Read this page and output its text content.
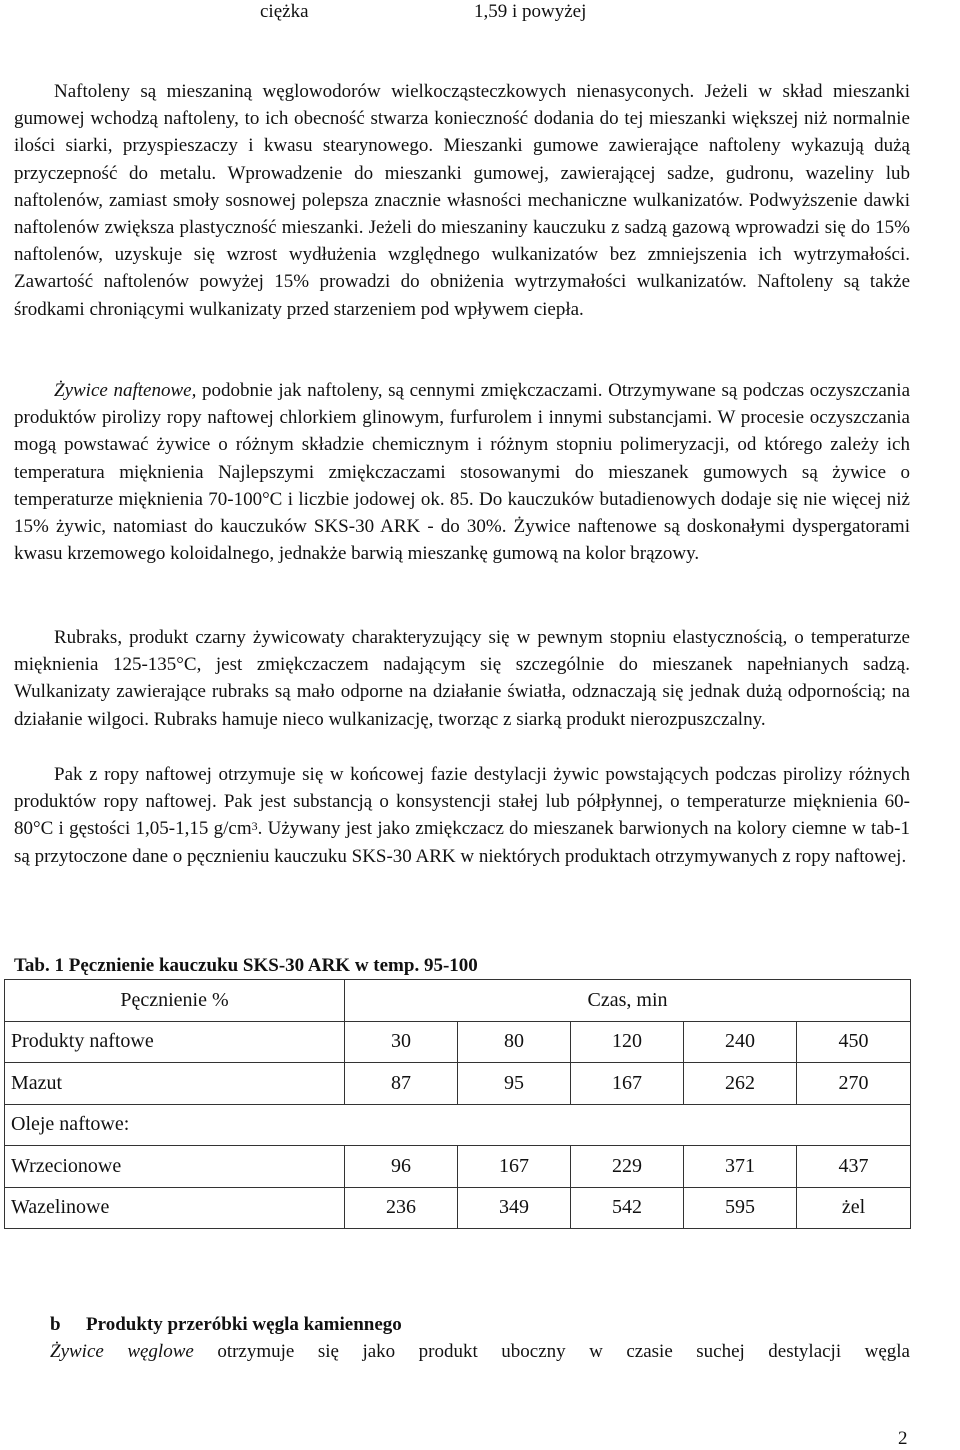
ciężka	1,59 i powyżej

Naftoleny są mieszaniną węglowodorów wielkocząsteczkowych nienasyconych. Jeżeli w skład mieszanki gumowej wchodzą naftoleny, to ich obecność stwarza konieczność dodania do tej mieszanki większej niż normalnie ilości siarki, przyspieszaczy i kwasu stearynowego. Mieszanki gumowe zawierające naftoleny wykazują dużą przyczepność do metalu. Wprowadzenie do mieszanki gumowej, zawierającej sadze, gudronu, wazeliny lub naftolenów, zamiast smoły sosnowej polepsza znacznie własności mechaniczne wulkanizatów. Podwyższenie dawki naftolenów zwiększa plastyczność mieszanki. Jeżeli do mieszaniny kauczuku z sadzą gazową wprowadzi się do 15% naftolenów, uzyskuje się wzrost wydłużenia względnego wulkanizatów bez zmniejszenia ich wytrzymałości. Zawartość naftolenów powyżej 15% prowadzi do obniżenia wytrzymałości wulkanizatów. Naftoleny są także środkami chroniącymi wulkanizaty przed starzeniem pod wpływem ciepła.

Żywice naftenowe, podobnie jak naftoleny, są cennymi zmiękczaczami. Otrzymywane są podczas oczyszczania produktów pirolizy ropy naftowej chlorkiem glinowym, furfurolem i innymi substancjami. W procesie oczyszczania mogą powstawać żywice o różnym składzie chemicznym i różnym stopniu polimeryzacji, od którego zależy ich temperatura mięknienia Najlepszymi zmiękczaczami stosowanymi do mieszanek gumowych są żywice o temperaturze mięknienia 70-100°C i liczbie jodowej ok. 85. Do kauczuków butadienowych dodaje się nie więcej niż 15% żywic, natomiast do kauczuków SKS-30 ARK - do 30%. Żywice naftenowe są doskonałymi dyspergatorami kwasu krzemowego koloidalnego, jednakże barwią mieszankę gumową na kolor brązowy.

Rubraks, produkt czarny żywicowaty charakteryzujący się w pewnym stopniu elastycznością, o temperaturze mięknienia 125-135°C, jest zmiękczaczem nadającym się szczególnie do mieszanek napełnianych sadzą. Wulkanizaty zawierające rubraks są mało odporne na działanie światła, odznaczają się jednak dużą odpornością; na działanie wilgoci. Rubraks hamuje nieco wulkanizację, tworząc z siarką produkt nierozpuszczalny.

Pak z ropy naftowej otrzymuje się w końcowej fazie destylacji żywic powstających podczas pirolizy różnych produktów ropy naftowej. Pak jest substancją o konsystencji stałej lub półpłynnej, o temperaturze mięknienia 60-80°C i gęstości 1,05-1,15 $g/cm^3$. Używany jest jako zmiękczacz do mieszanek barwionych na kolory ciemne w tab-1 są przytoczone dane o pęcznieniu kauczuku SKS-30 ARK w niektórych produktach otrzymywanych z ropy naftowej.

Tab. 1 Pęcznienie kauczuku SKS-30 ARK w temp. 95-100
Pęcznienie %	Czas, min				
Produkty naftowe	30	80	120	240	450
Mazut	87	95	167	262	270
Oleje naftowe:					
Wrzecionowe	96	167	229	371	437
Wazelinowe	236	349	542	595	żel
b Produkty przeróbki węgla kamiennego
Żywice węglowe otrzymuje się jako produkt uboczny w czasie suchej destylacji węgla
2
